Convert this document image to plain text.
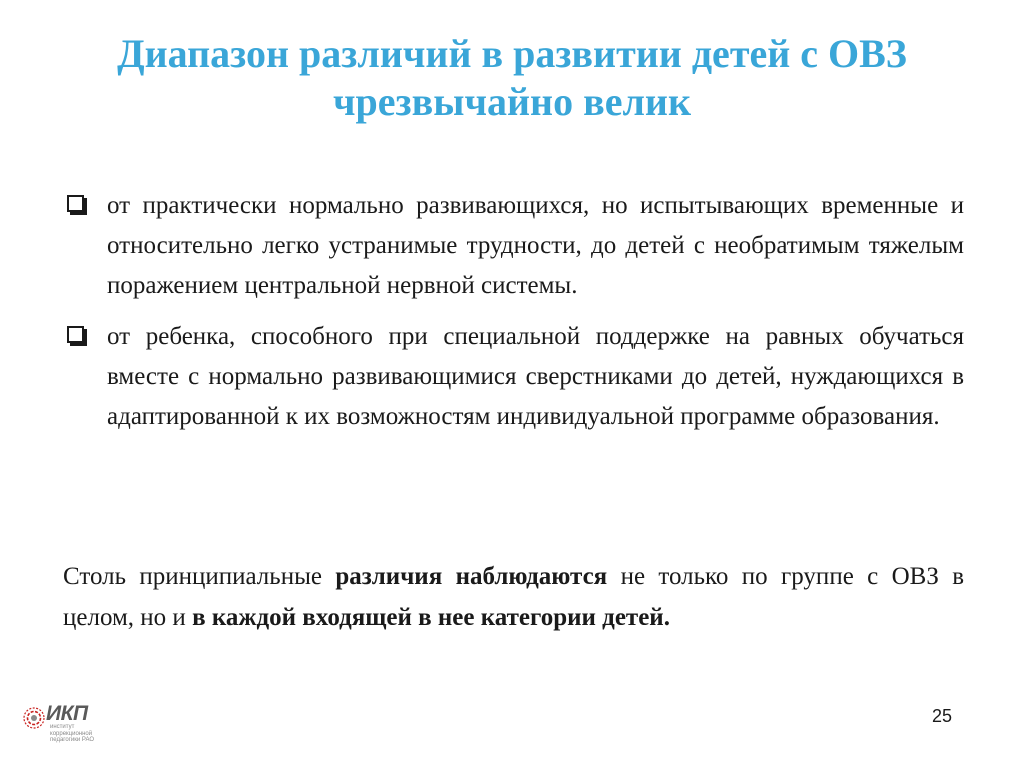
Диапазон различий в развитии детей с ОВЗ
чрезвычайно велик
от практически нормально развивающихся, но испытывающих временные и относительно легко устранимые трудности, до детей с необратимым тяжелым поражением центральной нервной системы.
от ребенка, способного при специальной поддержке на равных обучаться вместе с нормально развивающимися сверстниками до детей, нуждающихся в адаптированной к их возможностям индивидуальной программе образования.
Столь принципиальные различия наблюдаются не только по группе с ОВЗ в целом, но и в каждой входящей в нее категории детей.
ИКП
институт
коррекционной
педагогики РАО
25
